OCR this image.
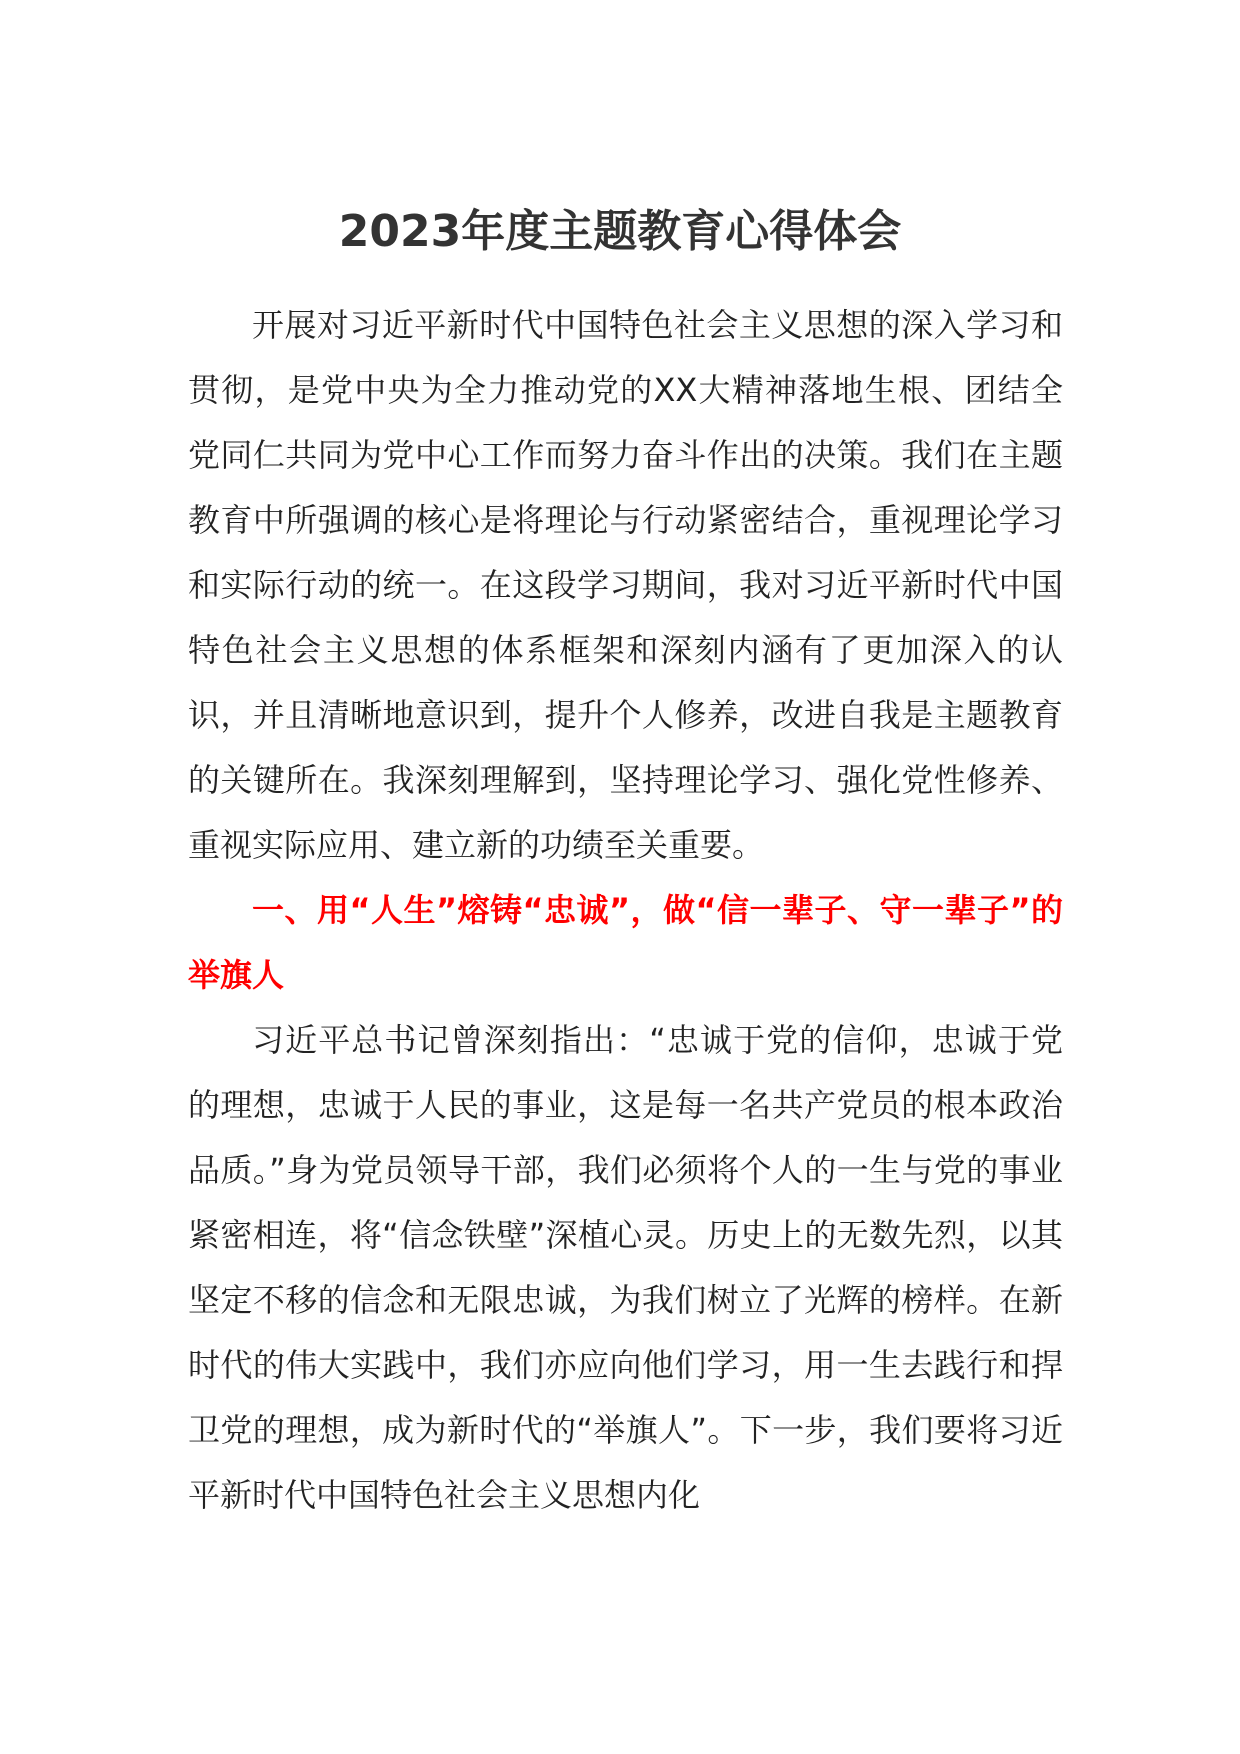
2023年度主题教育心得体会

开展对习近平新时代中国特色社会主义思想的深入学习和贯彻，是党中央为全力推动党的XX大精神落地生根、团结全党同仁共同为党中心工作而努力奋斗作出的决策。我们在主题教育中所强调的核心是将理论与行动紧密结合，重视理论学习和实际行动的统一。在这段学习期间，我对习近平新时代中国特色社会主义思想的体系框架和深刻内涵有了更加深入的认识，并且清晰地意识到，提升个人修养，改进自我是主题教育的关键所在。我深刻理解到，坚持理论学习、强化党性修养、重视实际应用、建立新的功绩至关重要。

一、用“人生”熔铸“忠诚”，做“信一辈子、守一辈子”的举旗人

习近平总书记曾深刻指出：“忠诚于党的信仰，忠诚于党的理想，忠诚于人民的事业，这是每一名共产党员的根本政治品质。”身为党员领导干部，我们必须将个人的一生与党的事业紧密相连，将“信念铁壁”深植心灵。历史上的无数先烈，以其坚定不移的信念和无限忠诚，为我们树立了光辉的榜样。在新时代的伟大实践中，我们亦应向他们学习，用一生去践行和捍卫党的理想，成为新时代的“举旗人”。下一步，我们要将习近平新时代中国特色社会主义思想内化
